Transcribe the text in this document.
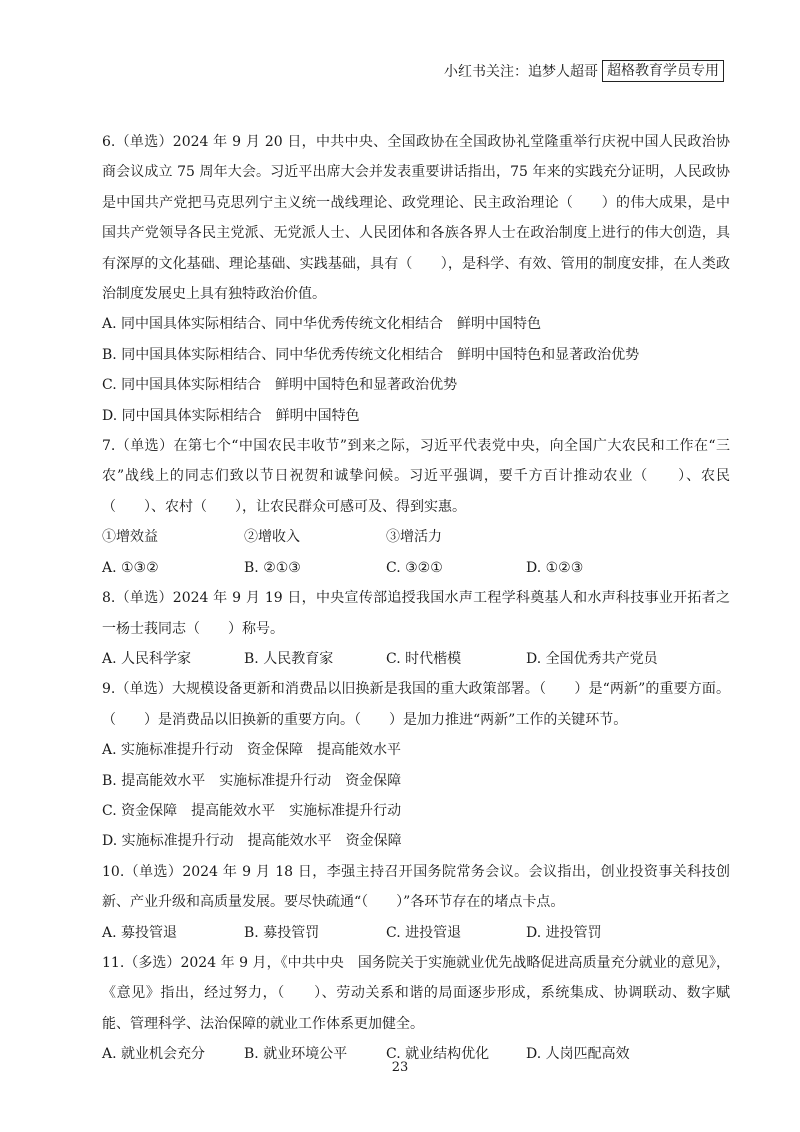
小红书关注：追梦人超哥 超格教育学员专用
6.（单选）2024 年 9 月 20 日，中共中央、全国政协在全国政协礼堂隆重举行庆祝中国人民政治协商会议成立 75 周年大会。习近平出席大会并发表重要讲话指出，75 年来的实践充分证明，人民政协是中国共产党把马克思列宁主义统一战线理论、政党理论、民主政治理论（　　）的伟大成果，是中国共产党领导各民主党派、无党派人士、人民团体和各族各界人士在政治制度上进行的伟大创造，具有深厚的文化基础、理论基础、实践基础，具有（　　），是科学、有效、管用的制度安排，在人类政治制度发展史上具有独特政治价值。
A. 同中国具体实际相结合、同中华优秀传统文化相结合　鲜明中国特色
B. 同中国具体实际相结合、同中华优秀传统文化相结合　鲜明中国特色和显著政治优势
C. 同中国具体实际相结合　鲜明中国特色和显著政治优势
D. 同中国具体实际相结合　鲜明中国特色
7.（单选）在第七个“中国农民丰收节”到来之际，习近平代表党中央，向全国广大农民和工作在“三农”战线上的同志们致以节日祝贺和诚挚问候。习近平强调，要千方百计推动农业（　　）、农民（　　）、农村（　　），让农民群众可感可及、得到实惠。
①增效益	②增收入	③增活力
A. ①③②	B. ②①③	C. ③②①	D. ①②③
8.（单选）2024 年 9 月 19 日，中央宣传部追授我国水声工程学科奠基人和水声科技事业开拓者之一杨士莪同志（　　）称号。
A. 人民科学家	B. 人民教育家	C. 时代楷模	D. 全国优秀共产党员
9.（单选）大规模设备更新和消费品以旧换新是我国的重大政策部署。（　　）是“两新”的重要方面。（　　）是消费品以旧换新的重要方向。（　　）是加力推进“两新”工作的关键环节。
A. 实施标准提升行动　资金保障　提高能效水平
B. 提高能效水平　实施标准提升行动　资金保障
C. 资金保障　提高能效水平　实施标准提升行动
D. 实施标准提升行动　提高能效水平　资金保障
10.（单选）2024 年 9 月 18 日，李强主持召开国务院常务会议。会议指出，创业投资事关科技创新、产业升级和高质量发展。要尽快疏通“（　　）”各环节存在的堵点卡点。
A. 募投管退	B. 募投管罚	C. 进投管退	D. 进投管罚
11.（多选）2024 年 9 月，《中共中央　国务院关于实施就业优先战略促进高质量充分就业的意见》，《意见》指出，经过努力，（　　）、劳动关系和谐的局面逐步形成，系统集成、协调联动、数字赋能、管理科学、法治保障的就业工作体系更加健全。
A. 就业机会充分	B. 就业环境公平	C. 就业结构优化	D. 人岗匹配高效
23
